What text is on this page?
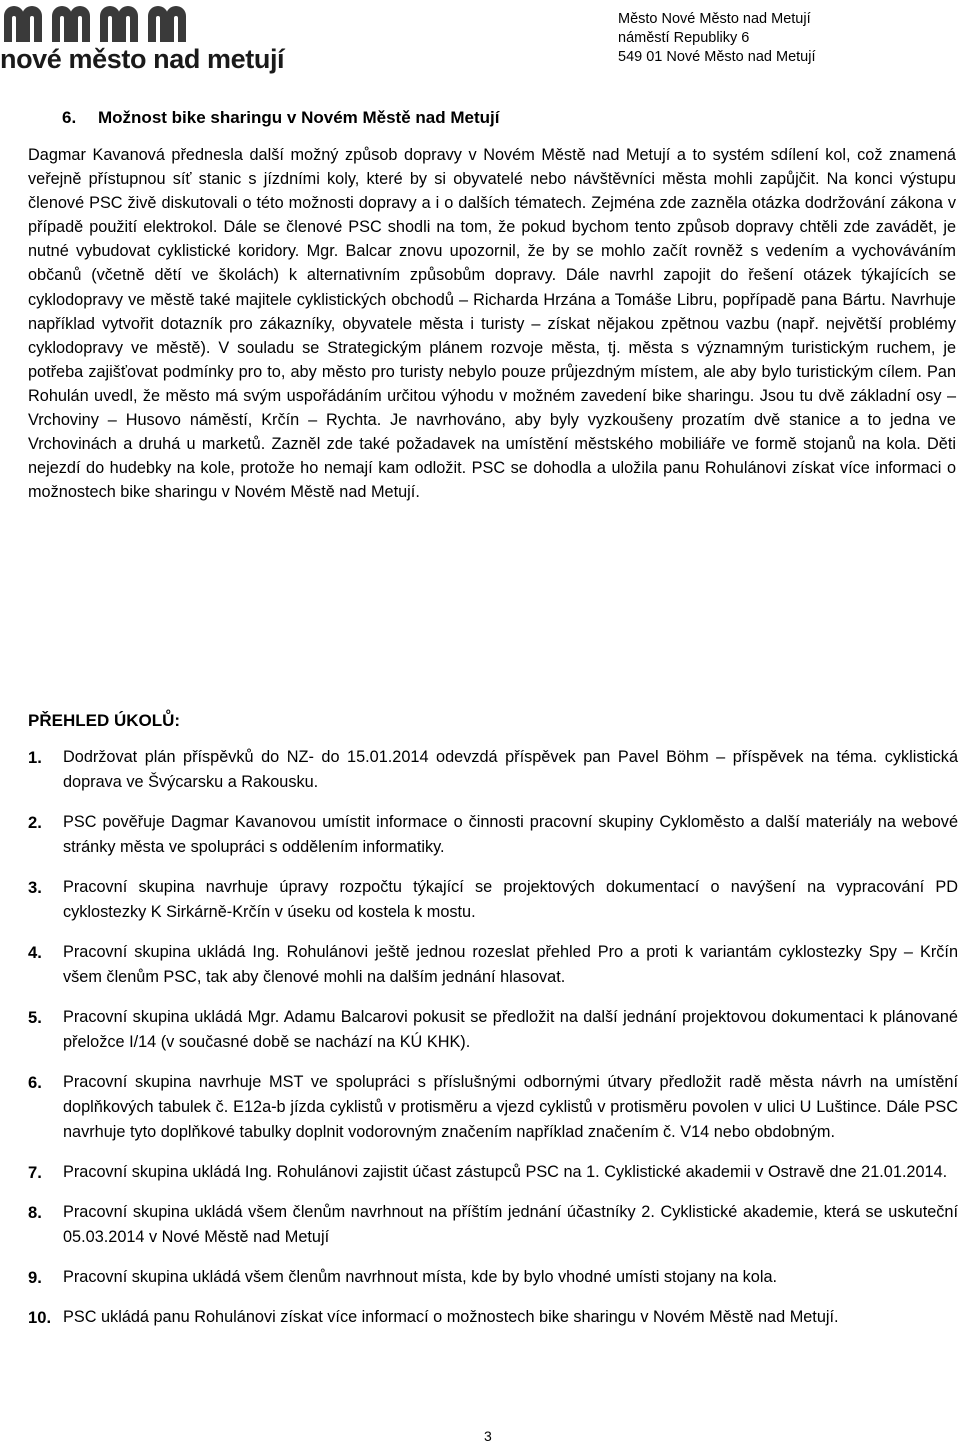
nové město nad metují

Město Nové Město nad Metují
náměstí Republiky 6
549 01 Nové Město nad Metují
6. Možnost bike sharingu v Novém Městě nad Metují

Dagmar Kavanová přednesla další možný způsob dopravy v Novém Městě nad Metují a to systém sdílení kol, což znamená veřejně přístupnou síť stanic s jízdními koly, které by si obyvatelé nebo návštěvníci města mohli zapůjčit. Na konci výstupu členové PSC živě diskutovali o této možnosti dopravy a i o dalších tématech. Zejména zde zazněla otázka dodržování zákona v případě použití elektrokol. Dále se členové PSC shodli na tom, že pokud bychom tento způsob dopravy chtěli zde zavádět, je nutné vybudovat cyklistické koridory. Mgr. Balcar znovu upozornil, že by se mohlo začít rovněž s vedením a vychováváním občanů (včetně dětí ve školách) k alternativním způsobům dopravy. Dále navrhl zapojit do řešení otázek týkajících se cyklodopravy ve městě také majitele cyklistických obchodů – Richarda Hrzána a Tomáše Libru, popřípadě pana Bártu. Navrhuje například vytvořit dotazník pro zákazníky, obyvatele města i turisty – získat nějakou zpětnou vazbu (např. největší problémy cyklodopravy ve městě). V souladu se Strategickým plánem rozvoje města, tj. města s významným turistickým ruchem, je potřeba zajišťovat podmínky pro to, aby město pro turisty nebylo pouze průjezdným místem, ale aby bylo turistickým cílem. Pan Rohulán uvedl, že město má svým uspořádáním určitou výhodu v možném zavedení bike sharingu. Jsou tu dvě základní osy – Vrchoviny – Husovo náměstí, Krčín – Rychta. Je navrhováno, aby byly vyzkoušeny prozatím dvě stanice a to jedna ve Vrchovinách a druhá u marketů. Zazněl zde také požadavek na umístění městského mobiliáře ve formě stojanů na kola. Děti nejezdí do hudebky na kole, protože ho nemají kam odložit. PSC se dohodla a uložila panu Rohulánovi získat více informaci o možnostech bike sharingu v Novém Městě nad Metují.

PŘEHLED ÚKOLŮ:
1.	Dodržovat plán příspěvků do NZ- do 15.01.2014 odevzdá příspěvek pan Pavel Böhm – příspěvek na téma. cyklistická doprava ve Švýcarsku a Rakousku.
2.	PSC pověřuje Dagmar Kavanovou umístit informace o činnosti pracovní skupiny Cykloměsto a další materiály na webové stránky města ve spolupráci s oddělením informatiky.
3.	Pracovní skupina navrhuje úpravy rozpočtu týkající se projektových dokumentací o navýšení na vypracování PD cyklostezky K Sirkárně-Krčín v úseku od kostela k mostu.
4.	Pracovní skupina ukládá Ing. Rohulánovi ještě jednou rozeslat přehled Pro a proti k variantám cyklostezky Spy – Krčín všem členům PSC, tak aby členové mohli na dalším jednání hlasovat.
5.	Pracovní skupina ukládá Mgr. Adamu Balcarovi pokusit se předložit na další jednání projektovou dokumentaci k plánované přeložce I/14 (v současné době se nachází na KÚ KHK).
6.	Pracovní skupina navrhuje MST ve spolupráci s příslušnými odbornými útvary předložit radě města návrh na umístění doplňkových tabulek č. E12a-b jízda cyklistů v protisměru a vjezd cyklistů v protisměru povolen v ulici U Luštince. Dále PSC navrhuje tyto doplňkové tabulky doplnit vodorovným značením například značením č. V14 nebo obdobným.
7.	Pracovní skupina ukládá Ing. Rohulánovi zajistit účast zástupců PSC na 1. Cyklistické akademii v Ostravě dne 21.01.2014.
8.	Pracovní skupina ukládá všem členům navrhnout na příštím jednání účastníky 2. Cyklistické akademie, která se uskuteční 05.03.2014 v Nové Městě nad Metují
9.	Pracovní skupina ukládá všem členům navrhnout místa, kde by bylo vhodné umísti stojany na kola.
10. PSC ukládá panu Rohulánovi získat více informací o možnostech bike sharingu v Novém Městě nad Metují.

3
